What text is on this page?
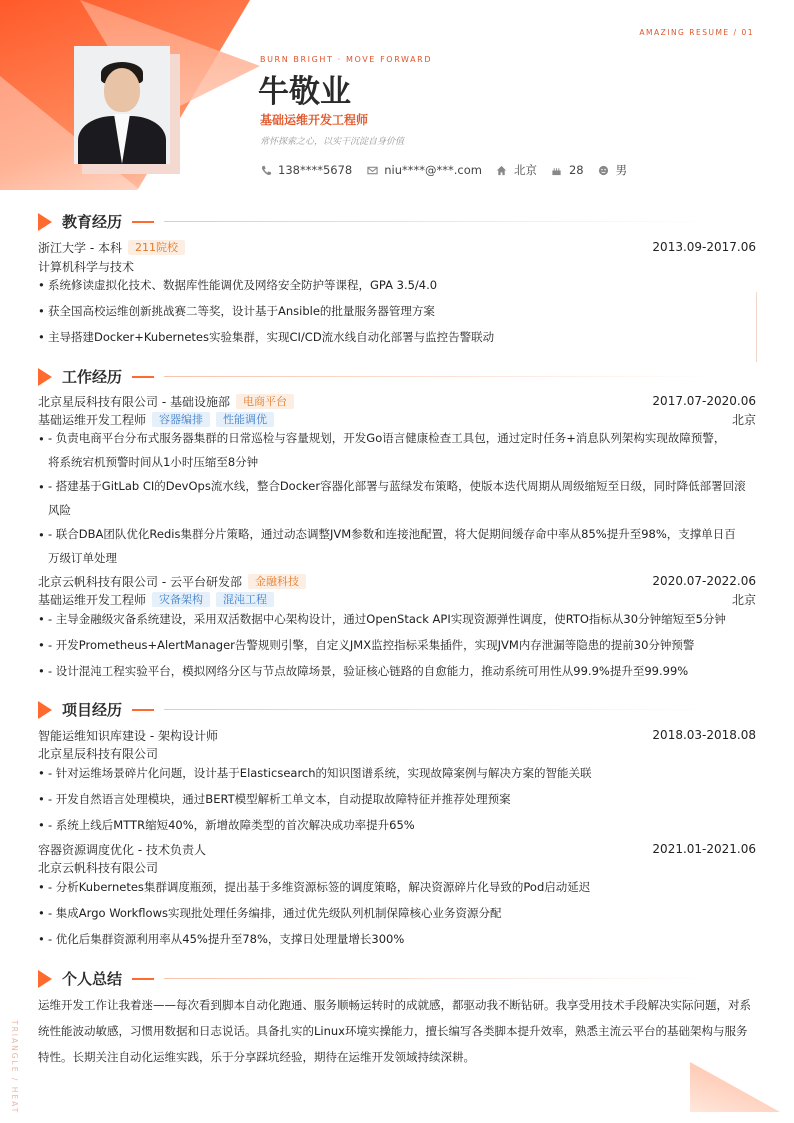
AMAZING RESUME / 01
BURN BRIGHT · MOVE FORWARD
牛敬业
基础运维开发工程师
常怀探索之心，以实干沉淀自身价值
138****5678	niu****@***.com	北京	28	男
教育经历
浙江大学 - 本科	211院校	2013.09-2017.06
计算机科学与技术
• 系统修读虚拟化技术、数据库性能调优及网络安全防护等课程，GPA 3.5/4.0
• 获全国高校运维创新挑战赛二等奖，设计基于Ansible的批量服务器管理方案
• 主导搭建Docker+Kubernetes实验集群，实现CI/CD流水线自动化部署与监控告警联动
工作经历
北京星辰科技有限公司 - 基础设施部	电商平台	2017.07-2020.06
基础运维开发工程师	容器编排	性能调优	北京
• - 负责电商平台分布式服务器集群的日常巡检与容量规划，开发Go语言健康检查工具包，通过定时任务+消息队列架构实现故障预警，
将系统宕机预警时间从1小时压缩至8分钟
• - 搭建基于GitLab CI的DevOps流水线，整合Docker容器化部署与蓝绿发布策略，使版本迭代周期从周级缩短至日级，同时降低部署回滚
风险
• - 联合DBA团队优化Redis集群分片策略，通过动态调整JVM参数和连接池配置，将大促期间缓存命中率从85%提升至98%，支撑单日百
万级订单处理
北京云帆科技有限公司 - 云平台研发部	金融科技	2020.07-2022.06
基础运维开发工程师	灾备架构	混沌工程	北京
• - 主导金融级灾备系统建设，采用双活数据中心架构设计，通过OpenStack API实现资源弹性调度，使RTO指标从30分钟缩短至5分钟
• - 开发Prometheus+AlertManager告警规则引擎，自定义JMX监控指标采集插件，实现JVM内存泄漏等隐患的提前30分钟预警
• - 设计混沌工程实验平台，模拟网络分区与节点故障场景，验证核心链路的自愈能力，推动系统可用性从99.9%提升至99.99%
项目经历
智能运维知识库建设 - 架构设计师	2018.03-2018.08
北京星辰科技有限公司
• - 针对运维场景碎片化问题，设计基于Elasticsearch的知识图谱系统，实现故障案例与解决方案的智能关联
• - 开发自然语言处理模块，通过BERT模型解析工单文本，自动提取故障特征并推荐处理预案
• - 系统上线后MTTR缩短40%，新增故障类型的首次解决成功率提升65%
容器资源调度优化 - 技术负责人	2021.01-2021.06
北京云帆科技有限公司
• - 分析Kubernetes集群调度瓶颈，提出基于多维资源标签的调度策略，解决资源碎片化导致的Pod启动延迟
• - 集成Argo Workflows实现批处理任务编排，通过优先级队列机制保障核心业务资源分配
• - 优化后集群资源利用率从45%提升至78%，支撑日处理量增长300%
个人总结

运维开发工作让我着迷——每次看到脚本自动化跑通、服务顺畅运转时的成就感，都驱动我不断钻研。我享受用技术手段解决实际问题，对系统性能波动敏感，习惯用数据和日志说话。具备扎实的Linux环境实操能力，擅长编写各类脚本提升效率，熟悉主流云平台的基础架构与服务特性。长期关注自动化运维实践，乐于分享踩坑经验，期待在运维开发领域持续深耕。

TRIANGLE / HEAT
